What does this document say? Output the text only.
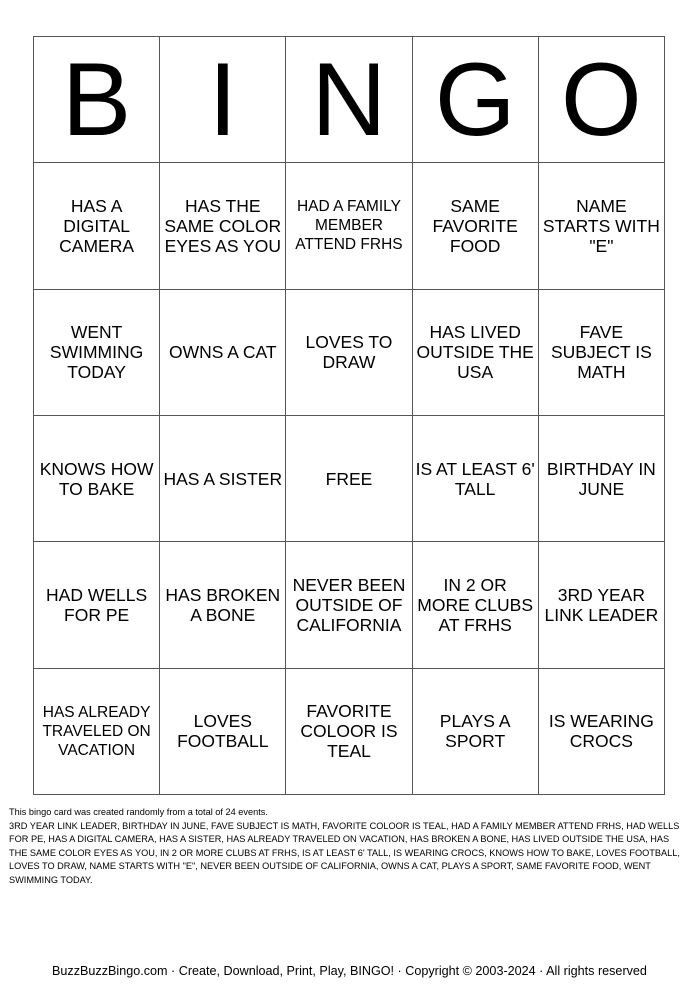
B	I	N	G	O
HAS A DIGITAL CAMERA	HAS THE SAME COLOR EYES AS YOU	HAD A FAMILY MEMBER ATTEND FRHS	SAME FAVORITE FOOD	NAME STARTS WITH "E"
WENT SWIMMING TODAY	OWNS A CAT	LOVES TO DRAW	HAS LIVED OUTSIDE THE USA	FAVE SUBJECT IS MATH
KNOWS HOW TO BAKE	HAS A SISTER	FREE	IS AT LEAST 6' TALL	BIRTHDAY IN JUNE
HAD WELLS FOR PE	HAS BROKEN A BONE	NEVER BEEN OUTSIDE OF CALIFORNIA	IN 2 OR MORE CLUBS AT FRHS	3RD YEAR LINK LEADER
HAS ALREADY TRAVELED ON VACATION	LOVES FOOTBALL	FAVORITE COLOOR IS TEAL	PLAYS A SPORT	IS WEARING CROCS

This bingo card was created randomly from a total of 24 events.

3RD YEAR LINK LEADER, BIRTHDAY IN JUNE, FAVE SUBJECT IS MATH, FAVORITE COLOOR IS TEAL, HAD A FAMILY MEMBER ATTEND FRHS, HAD WELLS FOR PE, HAS A DIGITAL CAMERA, HAS A SISTER, HAS ALREADY TRAVELED ON VACATION, HAS BROKEN A BONE, HAS LIVED OUTSIDE THE USA, HAS THE SAME COLOR EYES AS YOU, IN 2 OR MORE CLUBS AT FRHS, IS AT LEAST 6' TALL, IS WEARING CROCS, KNOWS HOW TO BAKE, LOVES FOOTBALL, LOVES TO DRAW, NAME STARTS WITH "E", NEVER BEEN OUTSIDE OF CALIFORNIA, OWNS A CAT, PLAYS A SPORT, SAME FAVORITE FOOD, WENT SWIMMING TODAY.

BuzzBuzzBingo.com · Create, Download, Print, Play, BINGO! · Copyright © 2003-2024 · All rights reserved
